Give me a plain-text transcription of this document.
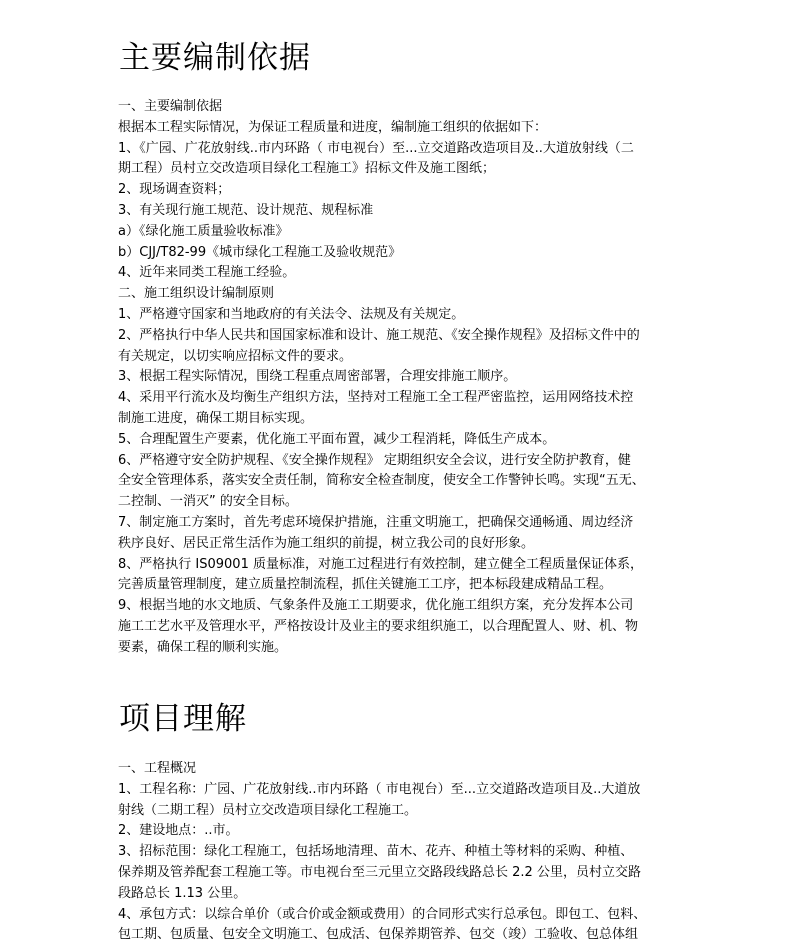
主要编制依据
一、主要编制依据
根据本工程实际情况，为保证工程质量和进度，编制施工组织的依据如下：
1、《广园、广花放射线..市内环路（ 市电视台）至...立交道路改造项目及..大道放射线（二
期工程）员村立交改造项目绿化工程施工》招标文件及施工图纸；
2、现场调查资料；
3、有关现行施工规范、设计规范、规程标准
a）《绿化施工质量验收标准》
b）CJJ/T82-99《城市绿化工程施工及验收规范》
4、近年来同类工程施工经验。
二、施工组织设计编制原则
1、严格遵守国家和当地政府的有关法令、法规及有关规定。
2、严格执行中华人民共和国国家标准和设计、施工规范、《安全操作规程》及招标文件中的
有关规定，以切实响应招标文件的要求。
3、根据工程实际情况，围绕工程重点周密部署，合理安排施工顺序。
4、采用平行流水及均衡生产组织方法，坚持对工程施工全工程严密监控，运用网络技术控
制施工进度，确保工期目标实现。
5、合理配置生产要素，优化施工平面布置，减少工程消耗，降低生产成本。
6、严格遵守安全防护规程、《安全操作规程》 定期组织安全会议，进行安全防护教育，健
全安全管理体系，落实安全责任制，简称安全检查制度，使安全工作警钟长鸣。实现“五无、
二控制、一消灭” 的安全目标。
7、制定施工方案时，首先考虑环境保护措施，注重文明施工，把确保交通畅通、周边经济
秩序良好、居民正常生活作为施工组织的前提，树立我公司的良好形象。
8、严格执行 IS09001 质量标准，对施工过程进行有效控制，建立健全工程质量保证体系，
完善质量管理制度，建立质量控制流程，抓住关键施工工序，把本标段建成精品工程。
9、根据当地的水文地质、气象条件及施工工期要求，优化施工组织方案，充分发挥本公司
施工工艺水平及管理水平，严格按设计及业主的要求组织施工，以合理配置人、财、机、物
要素，确保工程的顺利实施。
项目理解
一、工程概况
1、工程名称：广园、广花放射线..市内环路（ 市电视台）至...立交道路改造项目及..大道放
射线（二期工程）员村立交改造项目绿化工程施工。
2、建设地点：..市。
3、招标范围：绿化工程施工，包括场地清理、苗木、花卉、种植土等材料的采购、种植、
保养期及管养配套工程施工等。市电视台至三元里立交路段线路总长 2.2 公里，员村立交路
段路总长 1.13 公里。
4、承包方式：以综合单价（或合价或金额或费用）的合同形式实行总承包。即包工、包料、
包工期、包质量、包安全文明施工、包成活、包保养期管养、包交（竣）工验收、包总体组
